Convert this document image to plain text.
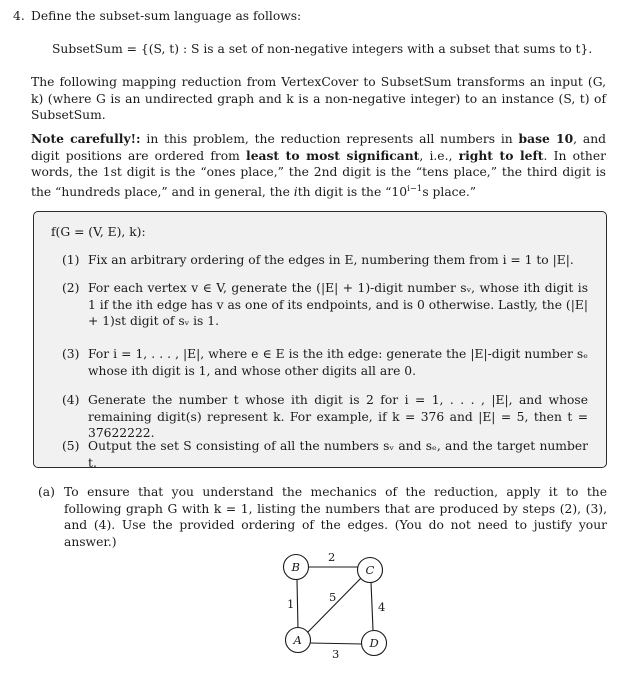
4. Define the subset-sum language as follows:
SubsetSum = {(S, t) : S is a set of non-negative integers with a subset that sums to t}.
The following mapping reduction from VertexCover to SubsetSum transforms an input (G, k) (where G is an undirected graph and k is a non-negative integer) to an instance (S, t) of SubsetSum.
Note carefully!: in this problem, the reduction represents all numbers in base 10, and digit positions are ordered from least to most significant, i.e., right to left. In other words, the 1st digit is the “ones place,” the 2nd digit is the “tens place,” the third digit is the “hundreds place,” and in general, the ith digit is the “$10^{i-1}s$ place.”
f(G = (V, E), k):
(1) Fix an arbitrary ordering of the edges in E, numbering them from i = 1 to |E|.
(2) For each vertex v ∈ V, generate the (|E| + 1)-digit number sᵥ, whose ith digit is 1 if the ith edge has v as one of its endpoints, and is 0 otherwise. Lastly, the (|E| + 1)st digit of sᵥ is 1.
(3) For i = 1, . . . , |E|, where e ∈ E is the ith edge: generate the |E|-digit number sₑ whose ith digit is 1, and whose other digits all are 0.
(4) Generate the number t whose ith digit is 2 for i = 1, . . . , |E|, and whose remaining digit(s) represent k. For example, if k = 376 and |E| = 5, then t = 37622222.
(5) Output the set S consisting of all the numbers sᵥ and sₑ, and the target number t.
(a) To ensure that you understand the mechanics of the reduction, apply it to the following graph G with k = 1, listing the numbers that are produced by steps (2), (3), and (4). Use the provided ordering of the edges. (You do not need to justify your answer.)
1
2
3
4
5
B	C
A	D
